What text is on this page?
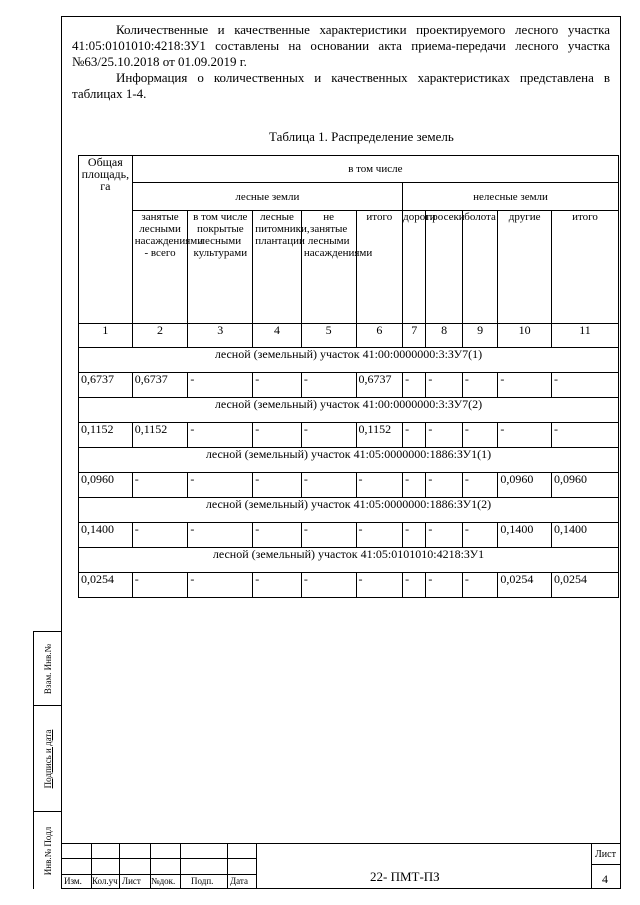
Количественные и качественные характеристики проектируемого лесного участка 41:05:0101010:4218:ЗУ1 составлены на основании акта приема-передачи лесного участка №63/25.10.2018 от 01.09.2019 г.

Информация о количественных и качественных характеристиках представлена в таблицах 1-4.

Таблица 1. Распределение земель
Общая площадь, га	в том числе									
	лесные земли					нелесные земли				
	занятые лесными насаждениями - всего	в том числе покрытые лесными культурами	лесные питомники, плантации	не занятые лесными насаждениями	итого	дороги	просеки	болота	другие	итого
1	2	3	4	5	6	7	8	9	10	11
лесной (земельный) участок 41:00:0000000:3:ЗУ7(1)										
0,6737	0,6737	-	-	-	0,6737	-	-	-	-	-
лесной (земельный) участок 41:00:0000000:3:ЗУ7(2)										
0,1152	0,1152	-	-	-	0,1152	-	-	-	-	-
лесной (земельный) участок 41:05:0000000:1886:ЗУ1(1)										
0,0960	-	-	-	-	-	-	-	-	0,0960	0,0960
лесной (земельный) участок 41:05:0000000:1886:ЗУ1(2)										
0,1400	-	-	-	-	-	-	-	-	0,1400	0,1400
лесной (земельный) участок 41:05:0101010:4218:ЗУ1										
0,0254	-	-	-	-	-	-	-	-	0,0254	0,0254
Взам. Инв.№
Подпись и дата
Инв.№ Подл
Изм. Кол.уч Лист №док. Подп. Дата	22- ПМТ-ПЗ
Лист
4
